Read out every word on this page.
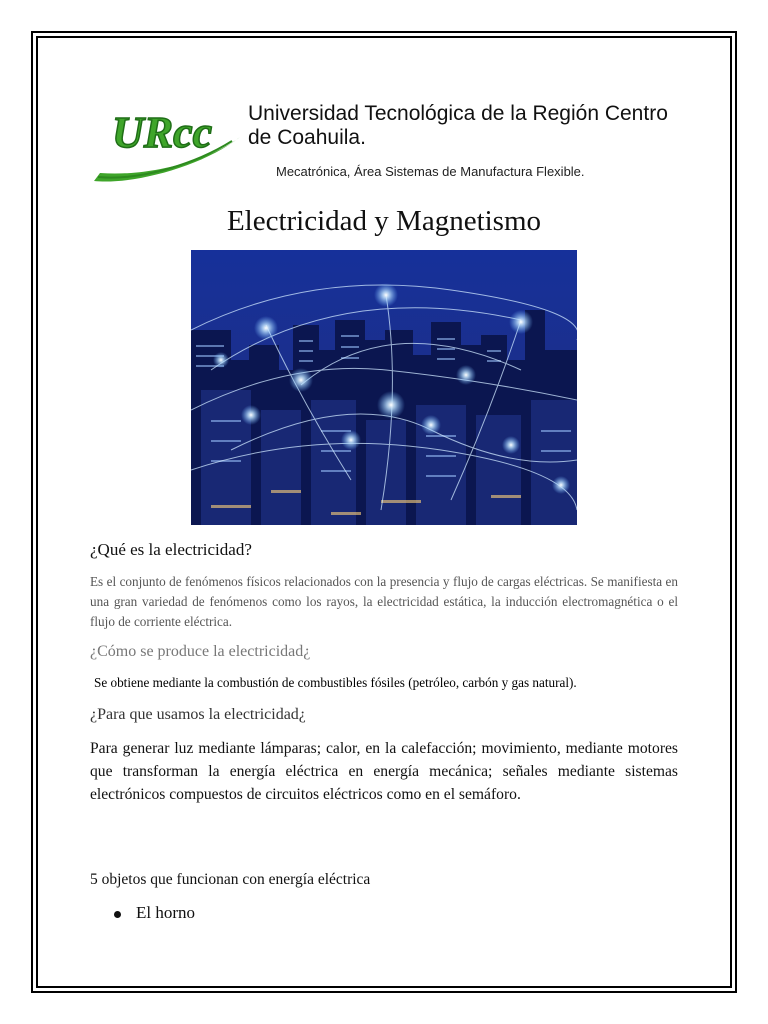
URcc Universidad Tecnológica de la Región Centro de Coahuila.
Mecatrónica, Área Sistemas de Manufactura Flexible.
Electricidad y Magnetismo
¿Qué es la electricidad?
Es el conjunto de fenómenos físicos relacionados con la presencia y flujo de cargas eléctricas. Se manifiesta en una gran variedad de fenómenos como los rayos, la electricidad estática, la inducción electromagnética o el flujo de corriente eléctrica.
¿Cómo se produce la electricidad¿
Se obtiene mediante la combustión de combustibles fósiles (petróleo, carbón y gas natural).
¿Para que usamos la electricidad¿
Para generar luz mediante lámparas; calor, en la calefacción; movimiento, mediante motores que transforman la energía eléctrica en energía mecánica; señales mediante sistemas electrónicos compuestos de circuitos eléctricos como en el semáforo.
5 objetos que funcionan con energía eléctrica
El horno
